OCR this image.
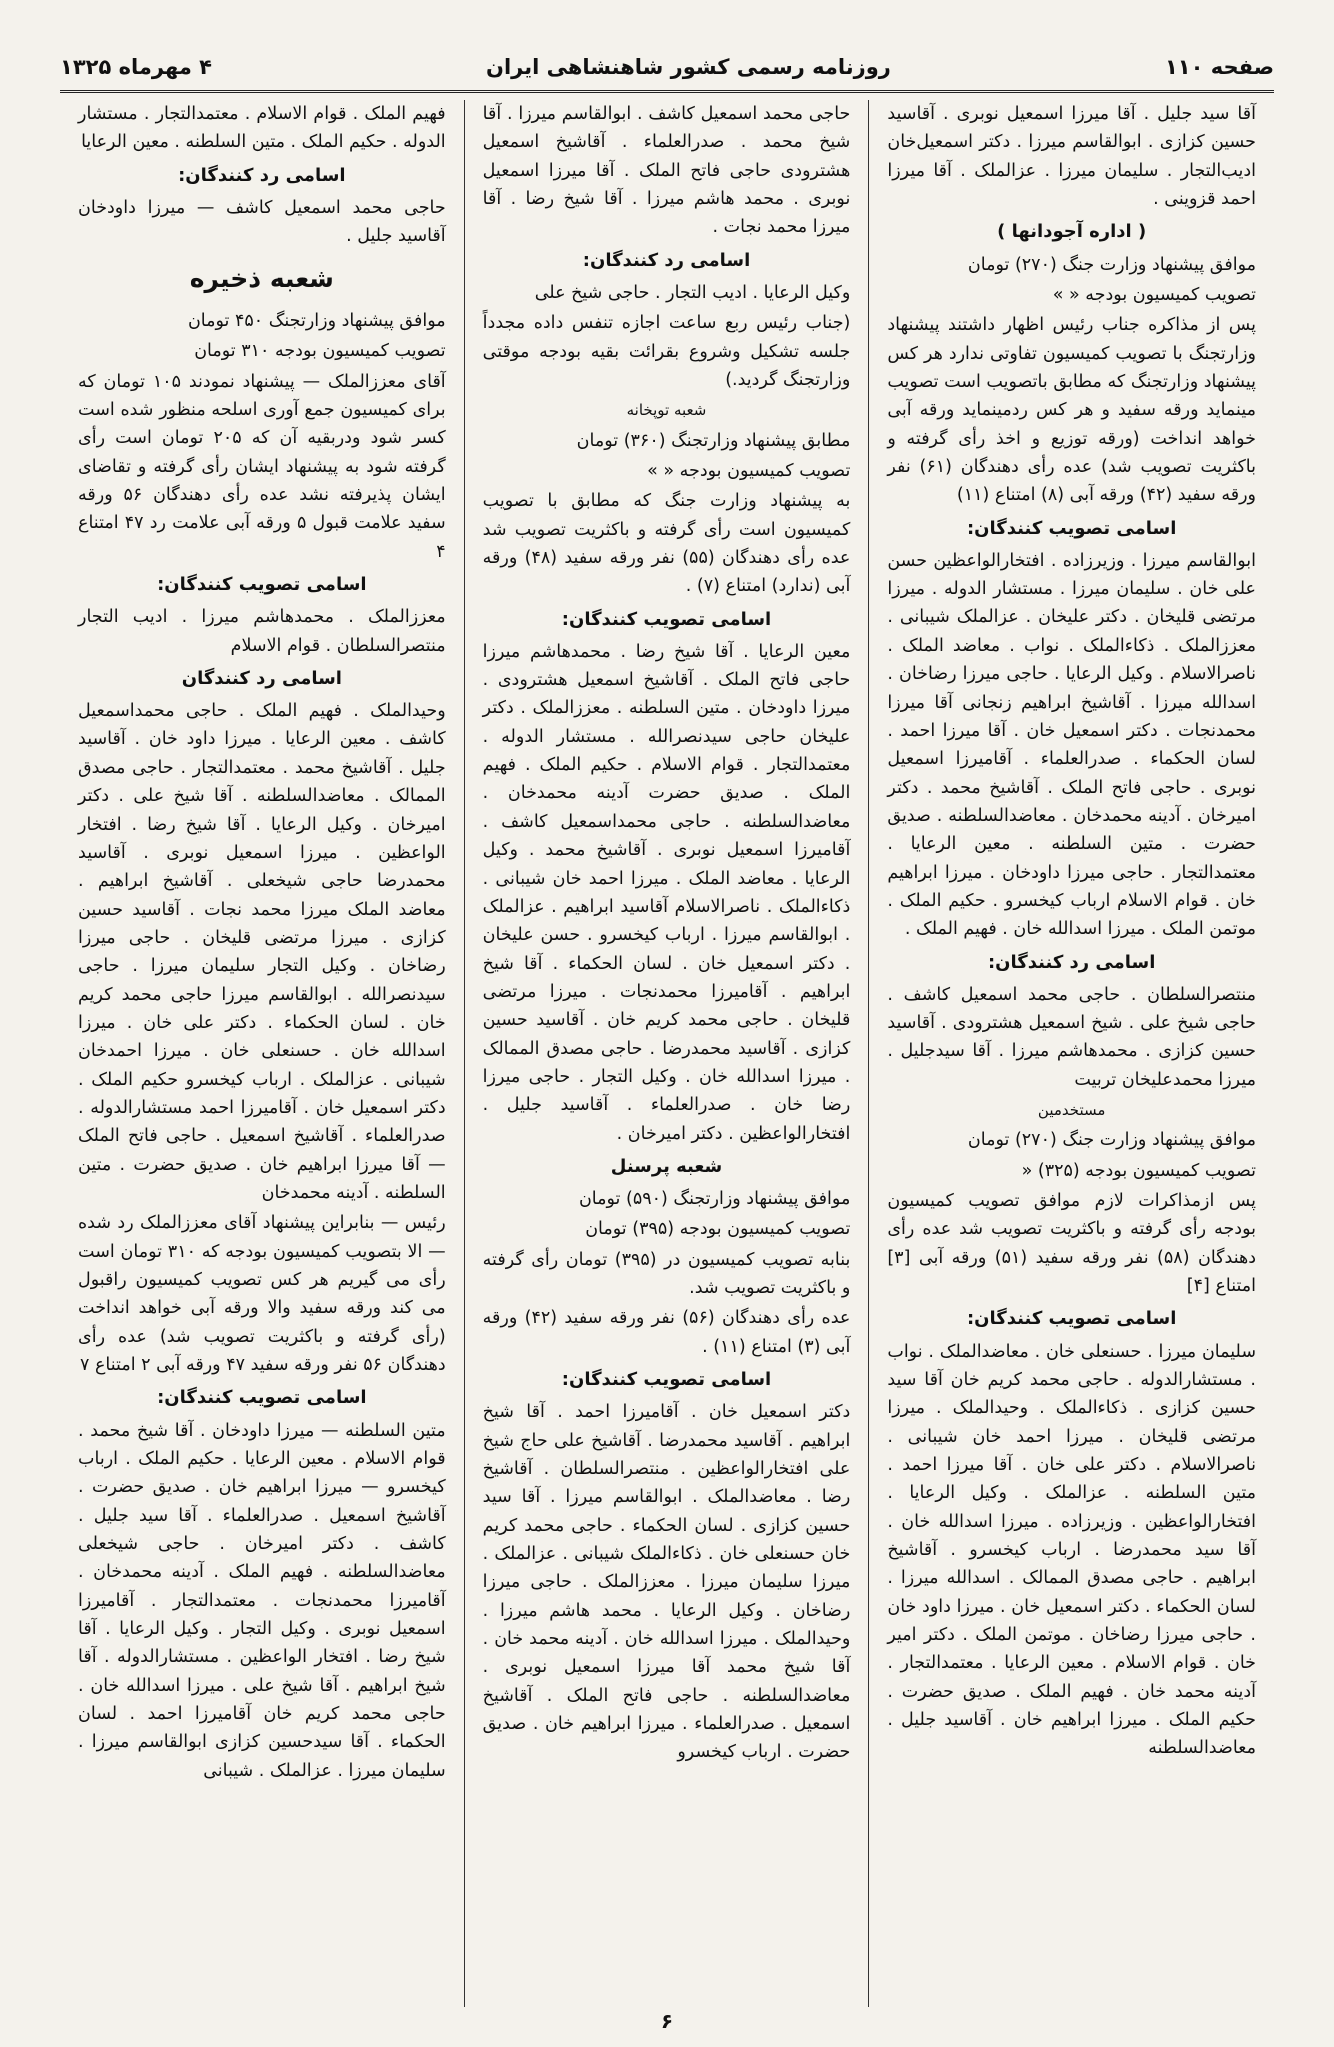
صفحه ۱۱۰
روزنامه رسمی کشور شاهنشاهی ایران
۴ مهرماه ۱۳۲۵

آقا سید جلیل . آقا میرزا اسمعیل نوبری . آقاسید حسین کزازی . ابوالقاسم میرزا . دکتر اسمعیل‌خان ادیب‌التجار . سلیمان میرزا . عزالملک . آقا میرزا احمد قزوینی .

( اداره آجودانها )

موافق پیشنهاد وزارت جنگ (۲۷۰) تومان

تصویب کمیسیون بودجه « »

پس از مذاکره جناب رئیس اظهار داشتند پیشنهاد وزارتجنگ با تصویب کمیسیون تفاوتی ندارد هر کس پیشنهاد وزارتجنگ که مطابق باتصویب است تصویب مینماید ورقه سفید و هر کس ردمینماید ورقه آبی خواهد انداخت (ورقه توزیع و اخذ رأی گرفته و باکثریت تصویب شد) عده رأی دهندگان (۶۱) نفر ورقه سفید (۴۲) ورقه آبی (۸) امتناع (۱۱)

اسامی تصویب کنندگان:

ابوالقاسم میرزا . وزیرزاده . افتخارالواعظین حسن علی خان . سلیمان میرزا . مستشار الدوله . میرزا مرتضی قلیخان . دکتر علیخان . عزالملک شیبانی . معززالملک . ذکاءالملک . نواب . معاضد الملک . ناصرالاسلام . وکیل الرعایا . حاجی میرزا رضاخان . اسدالله میرزا . آقاشیخ ابراهیم زنجانی آقا میرزا محمدنجات . دکتر اسمعیل خان . آقا میرزا احمد . لسان الحکماء . صدرالعلماء . آقامیرزا اسمعیل نوبری . حاجی فاتح الملک . آقاشیخ محمد . دکتر امیرخان . آدینه محمدخان . معاضدالسلطنه . صدیق حضرت . متین السلطنه . معین الرعایا . معتمدالتجار . حاجی میرزا داودخان . میرزا ابراهیم خان . قوام الاسلام ارباب کیخسرو . حکیم الملک . موتمن الملک . میرزا اسدالله خان . فهیم الملک .

اسامی رد کنندگان:

منتصرالسلطان . حاجی محمد اسمعیل کاشف . حاجی شیخ علی . شیخ اسمعیل هشترودی . آقاسید حسین کزازی . محمدهاشم میرزا . آقا سیدجلیل . میرزا محمدعلیخان تربیت

مستخدمین

موافق پیشنهاد وزارت جنگ (۲۷۰) تومان

تصویب کمیسیون بودجه (۳۲۵) «

پس ازمذاکرات لازم موافق تصویب کمیسیون بودجه رأی گرفته و باکثریت تصویب شد عده رأی دهندگان (۵۸) نفر ورقه سفید (۵۱) ورقه آبی [۳] امتناع [۴]

اسامی تصویب کنندگان:

سلیمان میرزا . حسنعلی خان . معاضدالملک . نواب . مستشارالدوله . حاجی محمد کریم خان آقا سید حسین کزازی . ذکاءالملک . وحیدالملک . میرزا مرتضی قلیخان . میرزا احمد خان شیبانی . ناصرالاسلام . دکتر علی خان . آقا میرزا احمد . متین السلطنه . عزالملک . وکیل الرعایا . افتخارالواعظین . وزیرزاده . میرزا اسدالله خان . آقا سید محمدرضا . ارباب کیخسرو . آقاشیخ ابراهیم . حاجی مصدق الممالک . اسدالله میرزا . لسان الحکماء . دکتر اسمعیل خان . میرزا داود خان . حاجی میرزا رضاخان . موتمن الملک . دکتر امیر خان . قوام الاسلام . معین الرعایا . معتمدالتجار . آدینه محمد خان . فهیم الملک . صدیق حضرت . حکیم الملک . میرزا ابراهیم خان . آقاسید جلیل . معاضدالسلطنه

حاجی محمد اسمعیل کاشف . ابوالقاسم میرزا . آقا شیخ محمد . صدرالعلماء . آقاشیخ اسمعیل هشترودی حاجی فاتح الملک . آقا میرزا اسمعیل نوبری . محمد هاشم میرزا . آقا شیخ رضا . آقا میرزا محمد نجات .

اسامی رد کنندگان:

وکیل الرعایا . ادیب التجار . حاجی شیخ علی

(جناب رئیس ربع ساعت اجازه تنفس داده مجدداً جلسه تشکیل وشروع بقرائت بقیه بودجه موقتی وزارتجنگ گردید.)

شعبه توپخانه

مطابق پیشنهاد وزارتجنگ (۳۶۰) تومان

تصویب کمیسیون بودجه « »

به پیشنهاد وزارت جنگ که مطابق با تصویب کمیسیون است رأی گرفته و باکثریت تصویب شد عده رأی دهندگان (۵۵) نفر ورقه سفید (۴۸) ورقه آبی (ندارد) امتناع (۷) .

اسامی تصویب کنندگان:

معین الرعایا . آقا شیخ رضا . محمدهاشم میرزا حاجی فاتح الملک . آقاشیخ اسمعیل هشترودی . میرزا داودخان . متین السلطنه . معززالملک . دکتر علیخان حاجی سیدنصرالله . مستشار الدوله . معتمدالتجار . قوام الاسلام . حکیم الملک . فهیم الملک . صدیق حضرت آدینه محمدخان . معاضدالسلطنه . حاجی محمداسمعیل کاشف . آقامیرزا اسمعیل نوبری . آقاشیخ محمد . وکیل الرعایا . معاضد الملک . میرزا احمد خان شیبانی . ذکاءالملک . ناصرالاسلام آقاسید ابراهیم . عزالملک . ابوالقاسم میرزا . ارباب کیخسرو . حسن علیخان . دکتر اسمعیل خان . لسان الحکماء . آقا شیخ ابراهیم . آقامیرزا محمدنجات . میرزا مرتضی قلیخان . حاجی محمد کریم خان . آقاسید حسین کزازی . آقاسید محمدرضا . حاجی مصدق الممالک . میرزا اسدالله خان . وکیل التجار . حاجی میرزا رضا خان . صدرالعلماء . آقاسید جلیل . افتخارالواعظین . دکتر امیرخان .

شعبه پرسنل

موافق پیشنهاد وزارتجنگ (۵۹۰) تومان

تصویب کمیسیون بودجه (۳۹۵) تومان

بنابه تصویب کمیسیون در (۳۹۵) تومان رأی گرفته و باکثریت تصویب شد.

عده رأی دهندگان (۵۶) نفر ورقه سفید (۴۲) ورقه آبی (۳) امتناع (۱۱) .

اسامی تصویب کنندگان:

دکتر اسمعیل خان . آقامیرزا احمد . آقا شیخ ابراهیم . آقاسید محمدرضا . آقاشیخ علی حاج شیخ علی افتخارالواعظین . منتصرالسلطان . آقاشیخ رضا . معاضدالملک . ابوالقاسم میرزا . آقا سید حسین کزازی . لسان الحکماء . حاجی محمد کریم خان حسنعلی خان . ذکاءالملک شیبانی . عزالملک . میرزا سلیمان میرزا . معززالملک . حاجی میرزا رضاخان . وکیل الرعایا . محمد هاشم میرزا . وحیدالملک . میرزا اسدالله خان . آدینه محمد خان . آقا شیخ محمد آقا میرزا اسمعیل نوبری . معاضدالسلطنه . حاجی فاتح الملک . آقاشیخ اسمعیل . صدرالعلماء . میرزا ابراهیم خان . صدیق حضرت . ارباب کیخسرو

فهیم الملک . قوام الاسلام . معتمدالتجار . مستشار الدوله . حکیم الملک . متین السلطنه . معین الرعایا

اسامی رد کنندگان:

حاجی محمد اسمعیل کاشف — میرزا داودخان آقاسید جلیل .

شعبه ذخیره

موافق پیشنهاد وزارتجنگ ۴۵۰ تومان

تصویب کمیسیون بودجه ۳۱۰ تومان

آقای معززالملک — پیشنهاد نمودند ۱۰۵ تومان که برای کمیسیون جمع آوری اسلحه منظور شده است کسر شود ودربقیه آن که ۲۰۵ تومان است رأی گرفته شود به پیشنهاد ایشان رأی گرفته و تقاضای ایشان پذیرفته نشد عده رأی دهندگان ۵۶ ورقه سفید علامت قبول ۵ ورقه آبی علامت رد ۴۷ امتناع ۴

اسامی تصویب کنندگان:

معززالملک . محمدهاشم میرزا . ادیب التجار منتصرالسلطان . قوام الاسلام

اسامی رد کنندگان

وحیدالملک . فهیم الملک . حاجی محمداسمعیل کاشف . معین الرعایا . میرزا داود خان . آقاسید جلیل . آقاشیخ محمد . معتمدالتجار . حاجی مصدق الممالک . معاضدالسلطنه . آقا شیخ علی . دکتر امیرخان . وکیل الرعایا . آقا شیخ رضا . افتخار الواعظین . میرزا اسمعیل نوبری . آقاسید محمدرضا حاجی شیخعلی . آقاشیخ ابراهیم . معاضد الملک میرزا محمد نجات . آقاسید حسین کزازی . میرزا مرتضی قلیخان . حاجی میرزا رضاخان . وکیل التجار سلیمان میرزا . حاجی سیدنصرالله . ابوالقاسم میرزا حاجی محمد کریم خان . لسان الحکماء . دکتر علی خان . میرزا اسدالله خان . حسنعلی خان . میرزا احمدخان شیبانی . عزالملک . ارباب کیخسرو حکیم الملک . دکتر اسمعیل خان . آقامیرزا احمد مستشارالدوله . صدرالعلماء . آقاشیخ اسمعیل . حاجی فاتح الملک — آقا میرزا ابراهیم خان . صدیق حضرت . متین السلطنه . آدینه محمدخان

رئیس — بنابراین پیشنهاد آقای معززالملک رد شده — الا بتصویب کمیسیون بودجه که ۳۱۰ تومان است رأی می گیریم هر کس تصویب کمیسیون راقبول می کند ورقه سفید والا ورقه آبی خواهد انداخت (رأی گرفته و باکثریت تصویب شد) عده رأی دهندگان ۵۶ نفر ورقه سفید ۴۷ ورقه آبی ۲ امتناع ۷

اسامی تصویب کنندگان:

متین السلطنه — میرزا داودخان . آقا شیخ محمد . قوام الاسلام . معین الرعایا . حکیم الملک . ارباب کیخسرو — میرزا ابراهیم خان . صدیق حضرت . آقاشیخ اسمعیل . صدرالعلماء . آقا سید جلیل . کاشف . دکتر امیرخان . حاجی شیخعلی معاضدالسلطنه . فهیم الملک . آدینه محمدخان . آقامیرزا محمدنجات . معتمدالتجار . آقامیرزا اسمعیل نوبری . وکیل التجار . وکیل الرعایا . آقا شیخ رضا . افتخار الواعظین . مستشارالدوله . آقا شیخ ابراهیم . آقا شیخ علی . میرزا اسدالله خان . حاجی محمد کریم خان آقامیرزا احمد . لسان الحکماء . آقا سیدحسین کزازی ابوالقاسم میرزا . سلیمان میرزا . عزالملک . شیبانی

۶
